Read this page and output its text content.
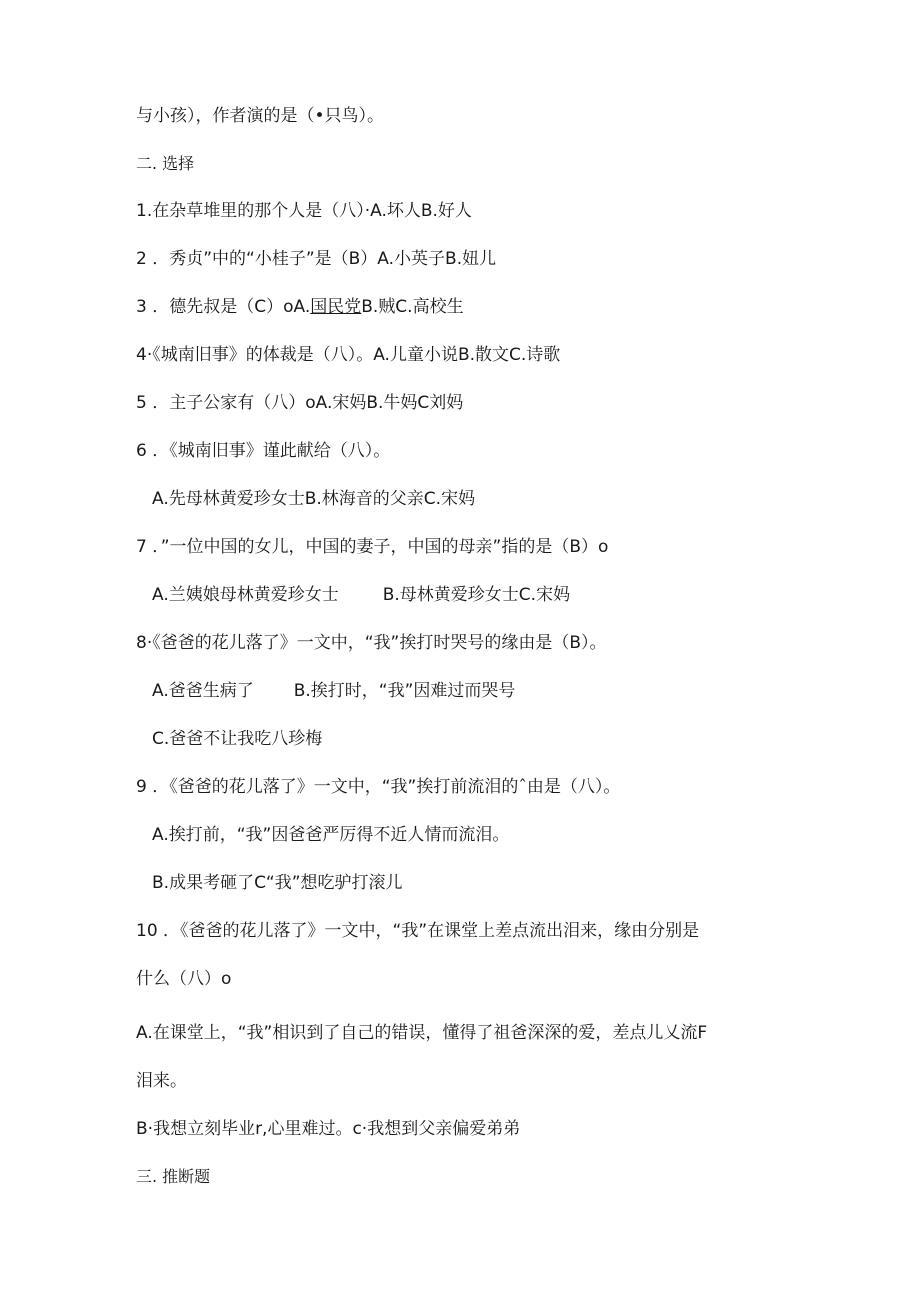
与小孩），作者演的是（•只鸟）。
二. 选择
1.在杂草堆里的那个人是（八）·A.坏人B.好人
2 ．秀贞”中的“小桂子”是（B）A.小英子B.妞儿
3 ．德先叔是（C）oA.国民党B.贼C.高校生
4·《城南旧事》的体裁是（八）。A.儿童小说B.散文C.诗歌
5 ．主子公家有（八）oA.宋妈B.牛妈C刘妈
6 ．《城南旧事》谨此献给（八）。
A.先母林黄爱珍女士B.林海音的父亲C.宋妈
7 ．”一位中国的女儿，中国的妻子，中国的母亲”指的是（B）o
A.兰姨娘母林黄爱珍女士	B.母林黄爱珍女士C.宋妈
8·《爸爸的花儿落了》一文中，“我”挨打时哭号的缘由是（B）。
A.爸爸生病了 B.挨打时，“我”因难过而哭号
C.爸爸不让我吃八珍梅
9 ．《爸爸的花儿落了》一文中，“我”挨打前流泪的ˆ由是（八）。
A.挨打前，“我”因爸爸严厉得不近人情而流泪。
B.成果考砸了C“我”想吃驴打滚儿
10 ．《爸爸的花儿落了》一文中，“我”在课堂上差点流出泪来，缘由分别是
什么（八）o
A.在课堂上，“我”相识到了自己的错误，懂得了祖爸深深的爱，差点儿乂流F
泪来。
B·我想立刻毕业r,心里难过。c·我想到父亲偏爱弟弟
三. 推断题
